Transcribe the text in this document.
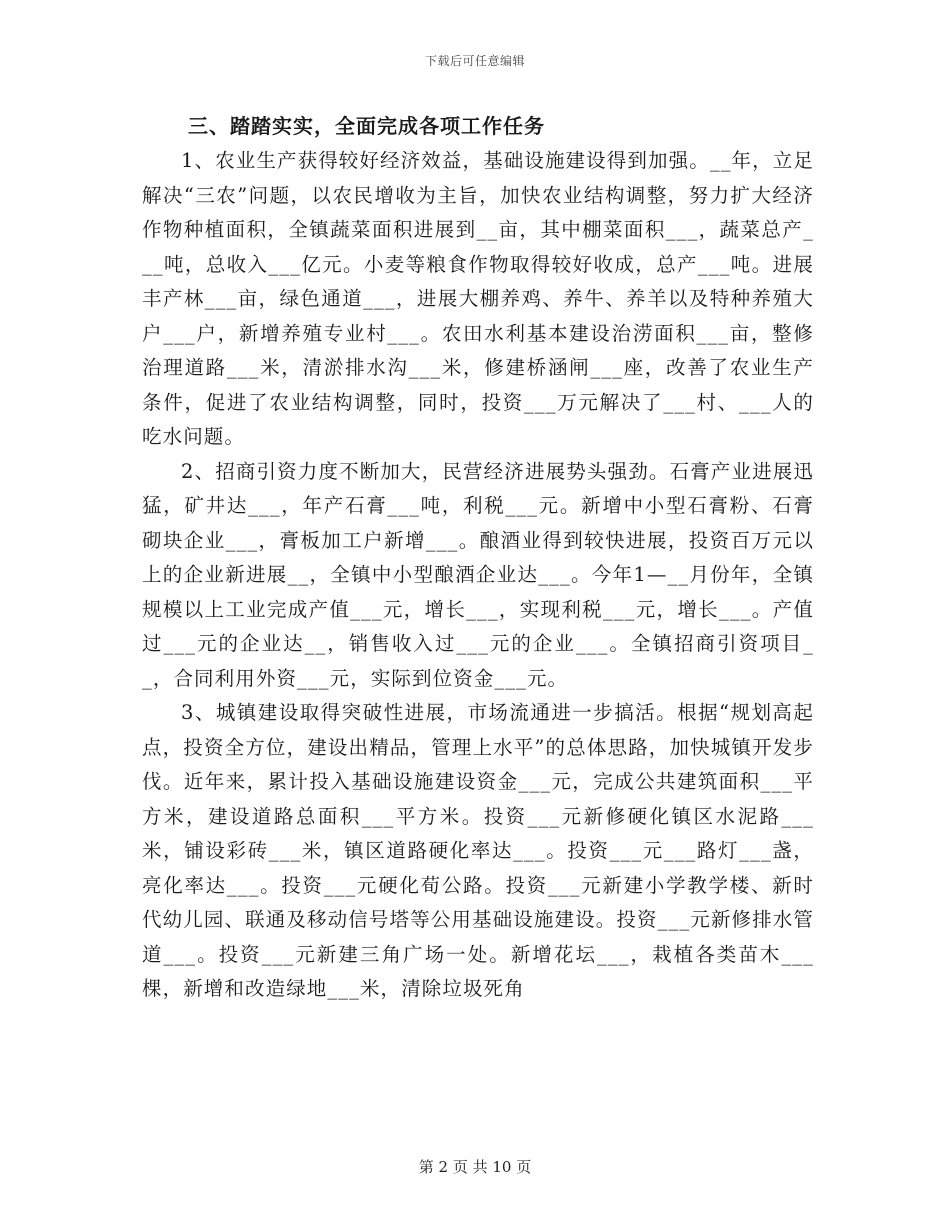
下载后可任意编辑

三、踏踏实实，全面完成各项工作任务

1、农业生产获得较好经济效益，基础设施建设得到加强。__年，立足解决“三农”问题，以农民增收为主旨，加快农业结构调整，努力扩大经济作物种植面积，全镇蔬菜面积进展到__亩，其中棚菜面积___，蔬菜总产___吨，总收入___亿元。小麦等粮食作物取得较好收成，总产___吨。进展丰产林___亩，绿色通道___，进展大棚养鸡、养牛、养羊以及特种养殖大户___户，新增养殖专业村___。农田水利基本建设治涝面积___亩，整修治理道路___米，清淤排水沟___米，修建桥涵闸___座，改善了农业生产条件，促进了农业结构调整，同时，投资___万元解决了___村、___人的吃水问题。

2、招商引资力度不断加大，民营经济进展势头强劲。石膏产业进展迅猛，矿井达___，年产石膏___吨，利税___元。新增中小型石膏粉、石膏砌块企业___，膏板加工户新增___。酿酒业得到较快进展，投资百万元以上的企业新进展__，全镇中小型酿酒企业达___。今年1—__月份年，全镇规模以上工业完成产值___元，增长___，实现利税___元，增长___。产值过___元的企业达__，销售收入过___元的企业___。全镇招商引资项目__，合同利用外资___元，实际到位资金___元。

3、城镇建设取得突破性进展，市场流通进一步搞活。根据“规划高起点，投资全方位，建设出精品，管理上水平”的总体思路，加快城镇开发步伐。近年来，累计投入基础设施建设资金___元，完成公共建筑面积___平方米，建设道路总面积___平方米。投资___元新修硬化镇区水泥路___米，铺设彩砖___米，镇区道路硬化率达___。投资___元___路灯___盏，亮化率达___。投资___元硬化荀公路。投资___元新建小学教学楼、新时代幼儿园、联通及移动信号塔等公用基础设施建设。投资___元新修排水管道___。投资___元新建三角广场一处。新增花坛___，栽植各类苗木___棵，新增和改造绿地___米，清除垃圾死角

第 2 页 共 10 页
